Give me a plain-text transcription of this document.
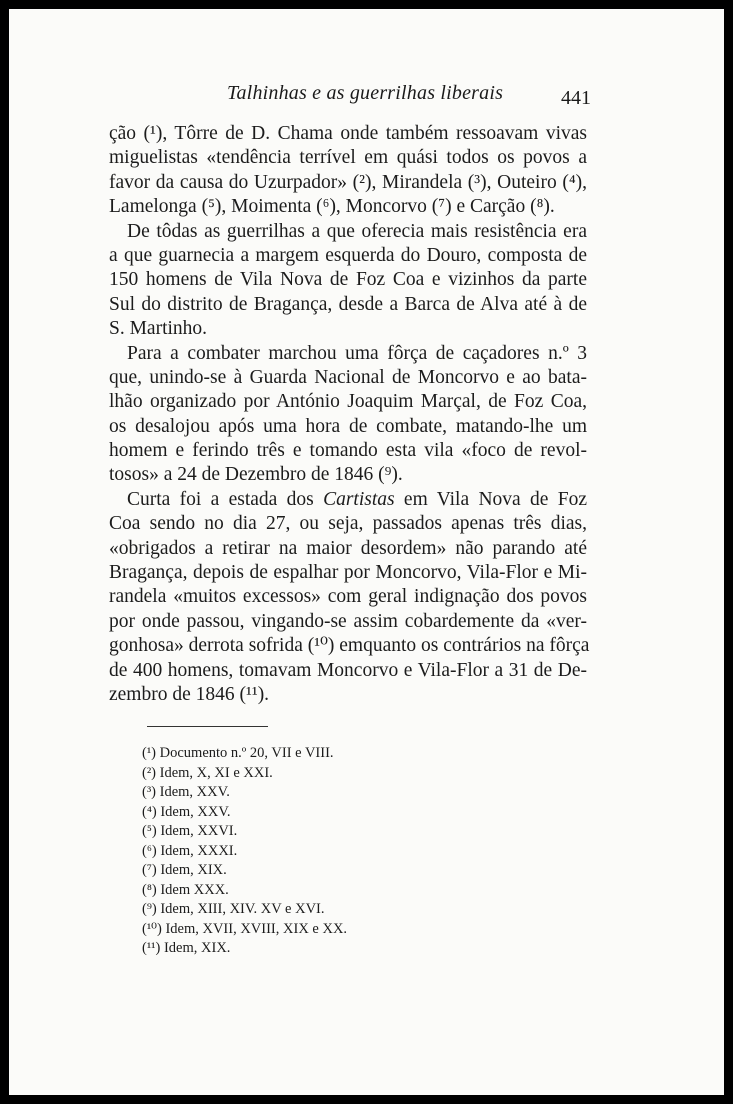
Talhinhas e as guerrilhas liberais	441
ção (¹), Tôrre de D. Chama onde também ressoavam vivas
miguelistas «tendência terrível em quási todos os povos a
favor da causa do Uzurpador» (²), Mirandela (³), Outeiro (⁴),
Lamelonga (⁵), Moimenta (⁶), Moncorvo (⁷) e Carção (⁸).
De tôdas as guerrilhas a que oferecia mais resistência era
a que guarnecia a margem esquerda do Douro, composta de
150 homens de Vila Nova de Foz Coa e vizinhos da parte
Sul do distrito de Bragança, desde a Barca de Alva até à de
S. Martinho.
Para a combater marchou uma fôrça de caçadores n.º 3
que, unindo-se à Guarda Nacional de Moncorvo e ao bata-
lhão organizado por António Joaquim Marçal, de Foz Coa,
os desalojou após uma hora de combate, matando-lhe um
homem e ferindo três e tomando esta vila «foco de revol-
tosos» a 24 de Dezembro de 1846 (⁹).
Curta foi a estada dos Cartistas em Vila Nova de Foz
Coa sendo no dia 27, ou seja, passados apenas três dias,
«obrigados a retirar na maior desordem» não parando até
Bragança, depois de espalhar por Moncorvo, Vila-Flor e Mi-
randela «muitos excessos» com geral indignação dos povos
por onde passou, vingando-se assim cobardemente da «ver-
gonhosa» derrota sofrida (¹⁰) emquanto os contrários na fôrça
de 400 homens, tomavam Moncorvo e Vila-Flor a 31 de De-
zembro de 1846 (¹¹).
(¹) Documento n.º 20, VII e VIII.
(²) Idem, X, XI e XXI.
(³) Idem, XXV.
(⁴) Idem, XXV.
(⁵) Idem, XXVI.
(⁶) Idem, XXXI.
(⁷) Idem, XIX.
(⁸) Idem XXX.
(⁹) Idem, XIII, XIV. XV e XVI.
(¹⁰) Idem, XVII, XVIII, XIX e XX.
(¹¹) Idem, XIX.
